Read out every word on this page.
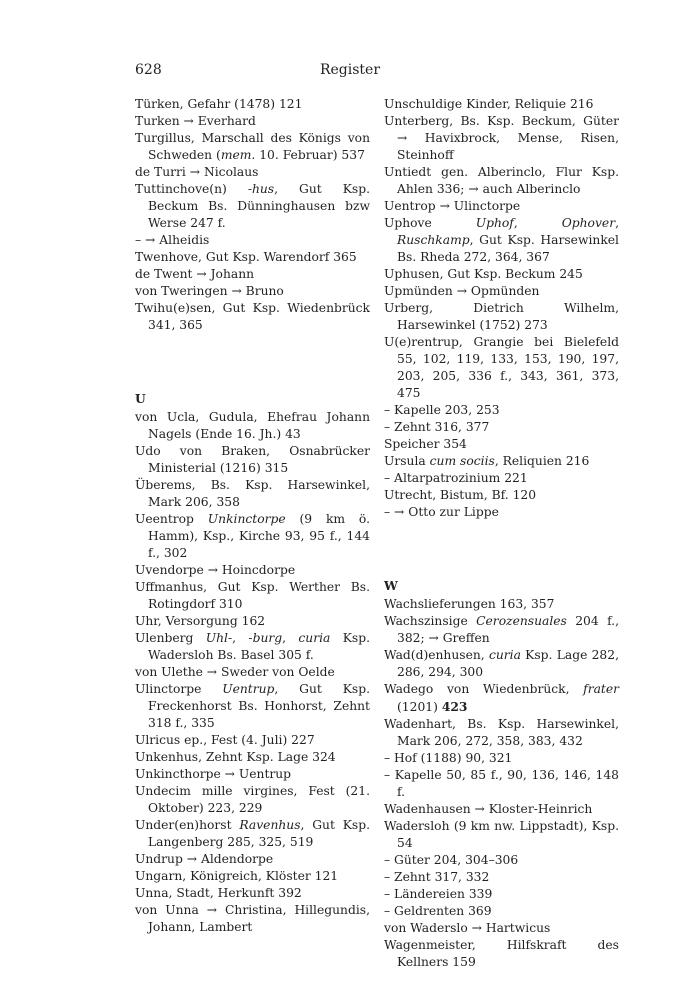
628	Register
Türken, Gefahr (1478) 121
Turken → Everhard
Turgillus, Marschall des Königs von Schweden (mem. 10. Februar) 537
de Turri → Nicolaus
Tuttinchove(n) -hus, Gut Ksp. Beckum Bs. Dünninghausen bzw Werse 247 f.
– → Alheidis
Twenhove, Gut Ksp. Warendorf 365
de Twent → Johann
von Tweringen → Bruno
Twihu(e)sen, Gut Ksp. Wiedenbrück 341, 365
U
von Ucla, Gudula, Ehefrau Johann Nagels (Ende 16. Jh.) 43
Udo von Braken, Osnabrücker Ministerial (1216) 315
Überems, Bs. Ksp. Harsewinkel, Mark 206, 358
Ueentrop Unkinctorpe (9 km ö. Hamm), Ksp., Kirche 93, 95 f., 144 f., 302
Uvendorpe → Hoincdorpe
Uffmanhus, Gut Ksp. Werther Bs. Rotingdorf 310
Uhr, Versorgung 162
Ulenberg Uhl-, -burg, curia Ksp. Wadersloh Bs. Basel 305 f.
von Ulethe → Sweder von Oelde
Ulinctorpe Uentrup, Gut Ksp. Freckenhorst Bs. Honhorst, Zehnt 318 f., 335
Ulricus ep., Fest (4. Juli) 227
Unkenhus, Zehnt Ksp. Lage 324
Unkincthorpe → Uentrup
Undecim mille virgines, Fest (21. Oktober) 223, 229
Under(en)horst Ravenhus, Gut Ksp. Langenberg 285, 325, 519
Undrup → Aldendorpe
Ungarn, Königreich, Klöster 121
Unna, Stadt, Herkunft 392
von Unna → Christina, Hillegundis, Johann, Lambert
Unschuldige Kinder, Reliquie 216
Unterberg, Bs. Ksp. Beckum, Güter → Havixbrock, Mense, Risen, Steinhoff
Untiedt gen. Alberinclo, Flur Ksp. Ahlen 336; → auch Alberinclo
Uentrop → Ulinctorpe
Uphove Uphof, Ophover, Ruschkamp, Gut Ksp. Harsewinkel Bs. Rheda 272, 364, 367
Uphusen, Gut Ksp. Beckum 245
Upmünden → Opmünden
Urberg, Dietrich Wilhelm, Harsewinkel (1752) 273
U(e)rentrup, Grangie bei Bielefeld 55, 102, 119, 133, 153, 190, 197, 203, 205, 336 f., 343, 361, 373, 475
– Kapelle 203, 253
– Zehnt 316, 377
Speicher 354
Ursula cum sociis, Reliquien 216
– Altarpatrozinium 221
Utrecht, Bistum, Bf. 120
– → Otto zur Lippe
W
Wachslieferungen 163, 357
Wachszinsige Cerozensuales 204 f., 382; → Greffen
Wad(d)enhusen, curia Ksp. Lage 282, 286, 294, 300
Wadego von Wiedenbrück, frater (1201) 423
Wadenhart, Bs. Ksp. Harsewinkel, Mark 206, 272, 358, 383, 432
– Hof (1188) 90, 321
– Kapelle 50, 85 f., 90, 136, 146, 148 f.
Wadenhausen → Kloster-Heinrich
Wadersloh (9 km nw. Lippstadt), Ksp. 54
– Güter 204, 304–306
– Zehnt 317, 332
– Ländereien 339
– Geldrenten 369
von Waderslo → Hartwicus
Wagenmeister, Hilfskraft des Kellners 159
